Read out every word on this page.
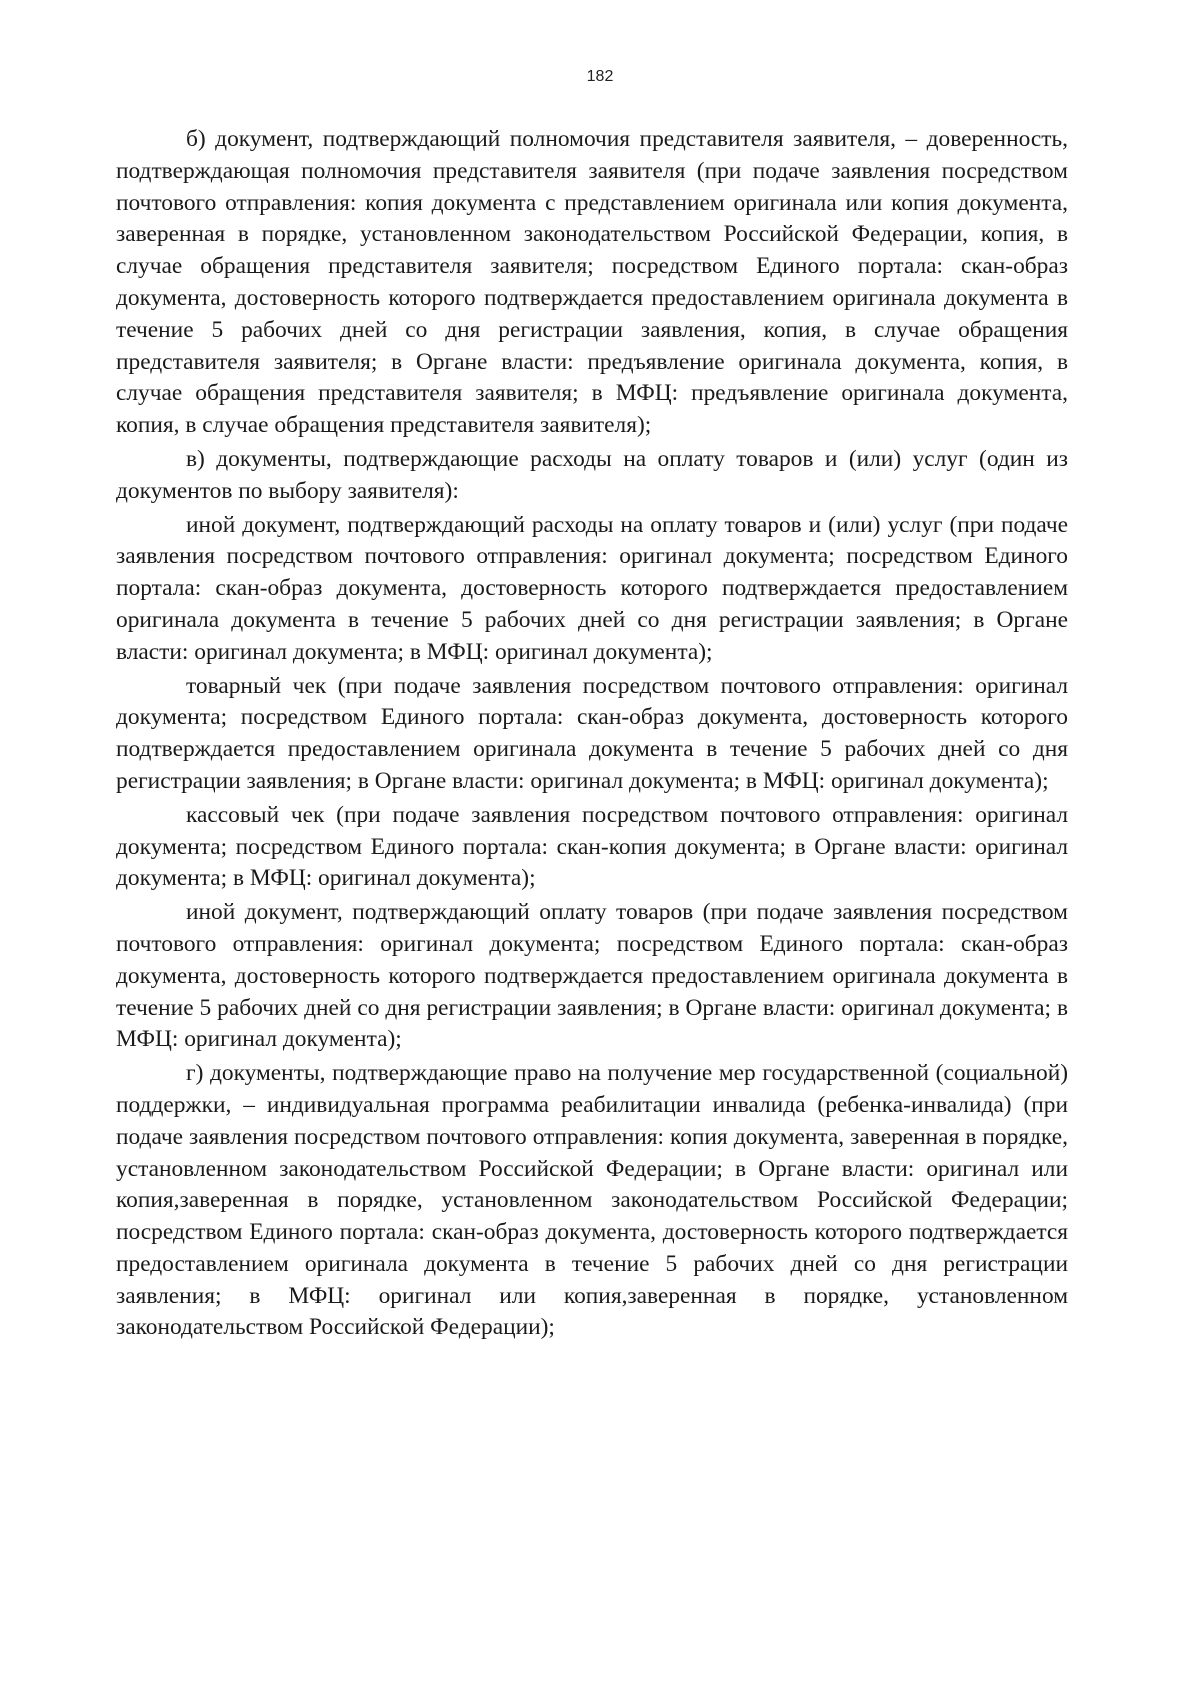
182

б) документ, подтверждающий полномочия представителя заявителя, – доверенность, подтверждающая полномочия представителя заявителя (при подаче заявления посредством почтового отправления: копия документа с представлением оригинала или копия документа, заверенная в порядке, установленном законодательством Российской Федерации, копия, в случае обращения представителя заявителя; посредством Единого портала: скан-образ документа, достоверность которого подтверждается предоставлением оригинала документа в течение 5 рабочих дней со дня регистрации заявления, копия, в случае обращения представителя заявителя; в Органе власти: предъявление оригинала документа, копия, в случае обращения представителя заявителя; в МФЦ: предъявление оригинала документа, копия, в случае обращения представителя заявителя);

в) документы, подтверждающие расходы на оплату товаров и (или) услуг (один из документов по выбору заявителя):

иной документ, подтверждающий расходы на оплату товаров и (или) услуг (при подаче заявления посредством почтового отправления: оригинал документа; посредством Единого портала: скан-образ документа, достоверность которого подтверждается предоставлением оригинала документа в течение 5 рабочих дней со дня регистрации заявления; в Органе власти: оригинал документа; в МФЦ: оригинал документа);

товарный чек (при подаче заявления посредством почтового отправления: оригинал документа; посредством Единого портала: скан-образ документа, достоверность которого подтверждается предоставлением оригинала документа в течение 5 рабочих дней со дня регистрации заявления; в Органе власти: оригинал документа; в МФЦ: оригинал документа);

кассовый чек (при подаче заявления посредством почтового отправления: оригинал документа; посредством Единого портала: скан-копия документа; в Органе власти: оригинал документа; в МФЦ: оригинал документа);

иной документ, подтверждающий оплату товаров (при подаче заявления посредством почтового отправления: оригинал документа; посредством Единого портала: скан-образ документа, достоверность которого подтверждается предоставлением оригинала документа в течение 5 рабочих дней со дня регистрации заявления; в Органе власти: оригинал документа; в МФЦ: оригинал документа);

г) документы, подтверждающие право на получение мер государственной (социальной) поддержки, – индивидуальная программа реабилитации инвалида (ребенка-инвалида) (при подаче заявления посредством почтового отправления: копия документа, заверенная в порядке, установленном законодательством Российской Федерации; в Органе власти: оригинал или копия,заверенная в порядке, установленном законодательством Российской Федерации; посредством Единого портала: скан-образ документа, достоверность которого подтверждается предоставлением оригинала документа в течение 5 рабочих дней со дня регистрации заявления; в МФЦ: оригинал или копия,заверенная в порядке, установленном законодательством Российской Федерации);
